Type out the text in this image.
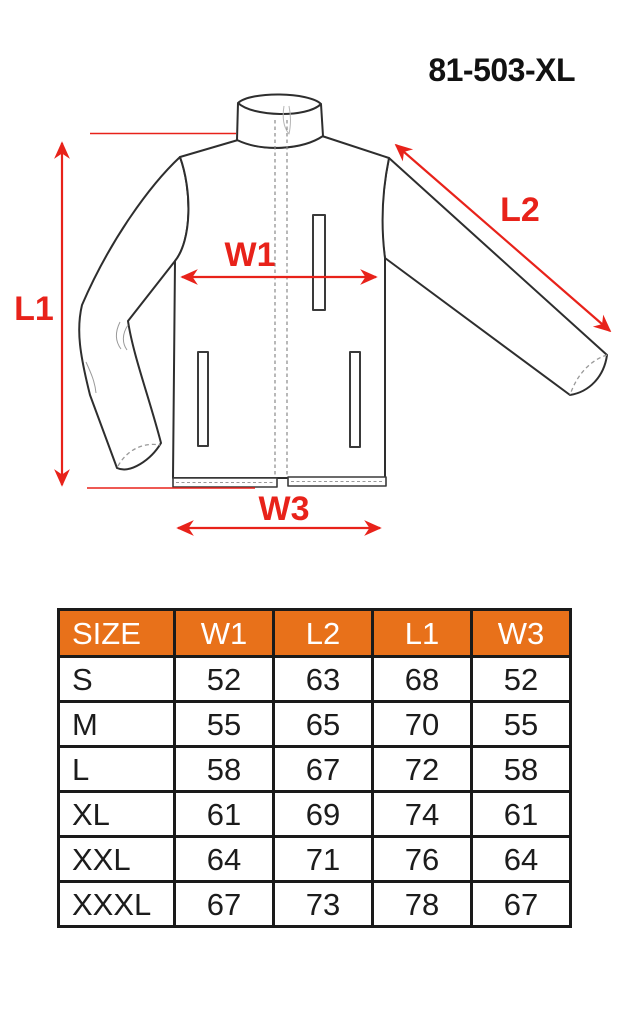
81-503-XL
L1
W1
L2
W3
SIZE	W1	L2	L1	W3
S	52	63	68	52
M	55	65	70	55
L	58	67	72	58
XL	61	69	74	61
XXL	64	71	76	64
XXXL	67	73	78	67
